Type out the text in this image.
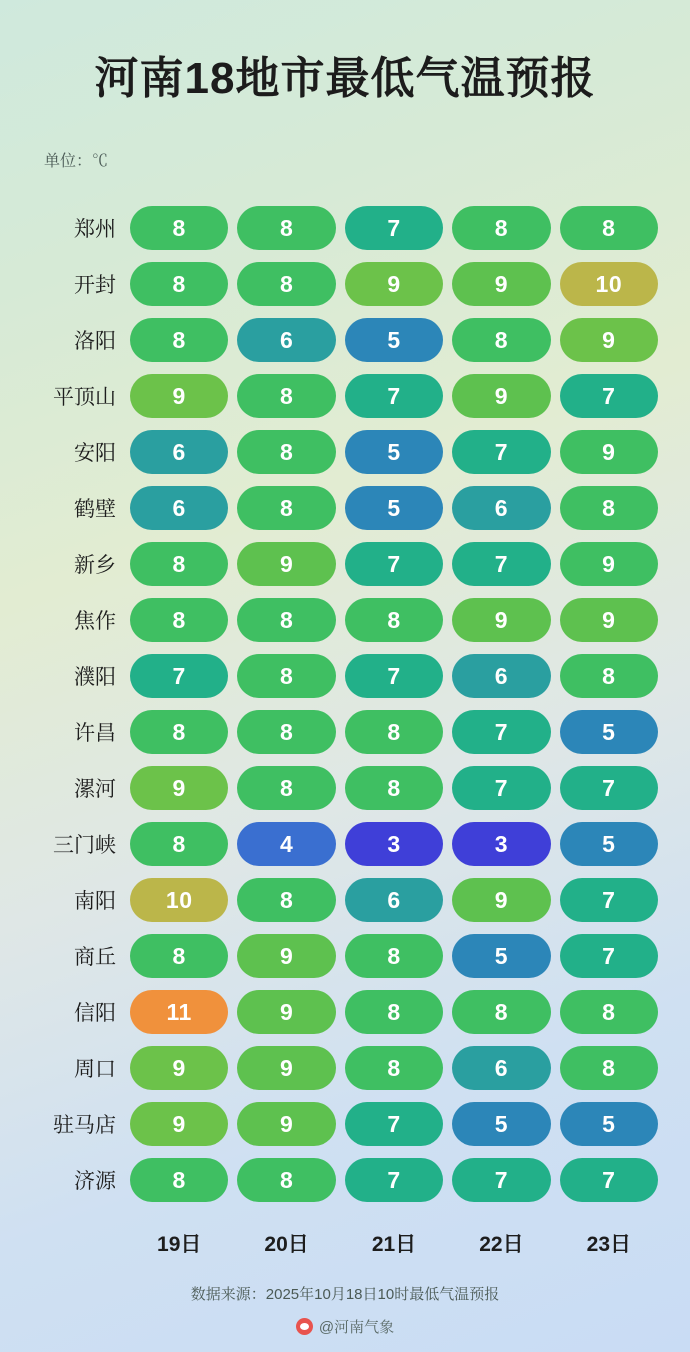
河南18地市最低气温预报
单位：℃
郑州	8	8	7	8	8
开封	8	8	9	9	10
洛阳	8	6	5	8	9
平顶山	9	8	7	9	7
安阳	6	8	5	7	9
鹤壁	6	8	5	6	8
新乡	8	9	7	7	9
焦作	8	8	8	9	9
濮阳	7	8	7	6	8
许昌	8	8	8	7	5
漯河	9	8	8	7	7
三门峡	8	4	3	3	5
南阳	10	8	6	9	7
商丘	8	9	8	5	7
信阳	11	9	8	8	8
周口	9	9	8	6	8
驻马店	9	9	7	5	5
济源	8	8	7	7	7
19日	20日	21日	22日	23日
数据来源：2025年10月18日10时最低气温预报
@河南气象
